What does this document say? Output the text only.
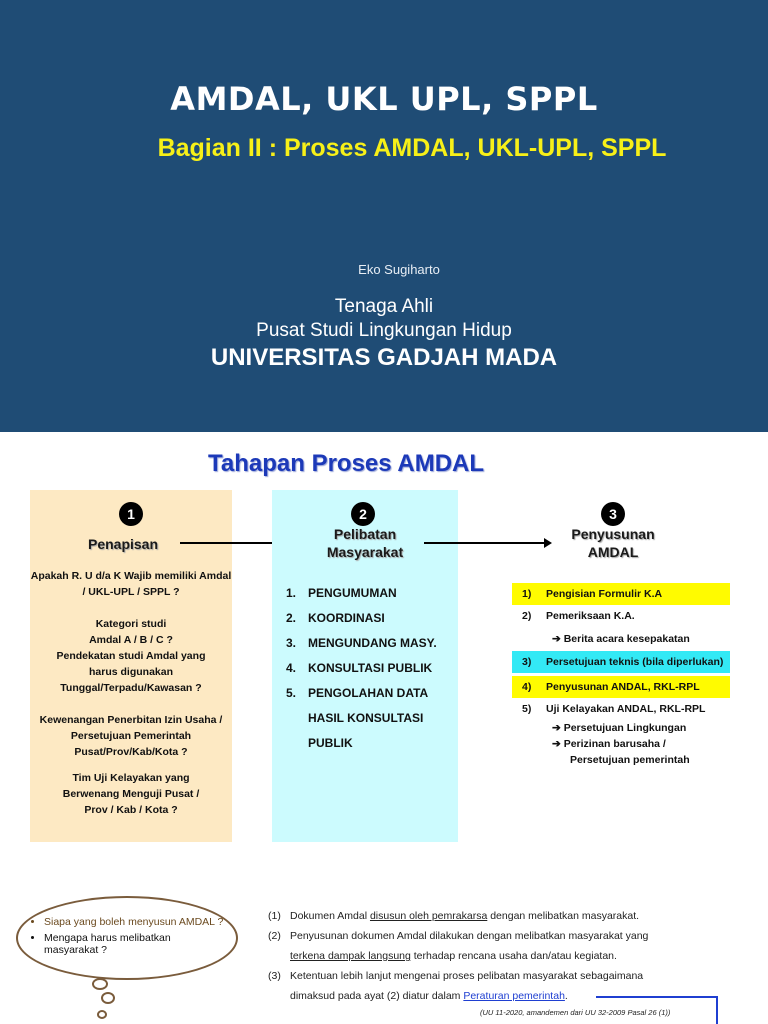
AMDAL, UKL UPL, SPPL
Bagian II : Proses AMDAL, UKL-UPL, SPPL
Eko Sugiharto
Tenaga Ahli
Pusat Studi Lingkungan Hidup
UNIVERSITAS GADJAH MADA
Tahapan Proses AMDAL
1
Penapisan
Apakah R. U d/a K Wajib memiliki Amdal / UKL-UPL / SPPL ?
Kategori studi Amdal A / B / C ?
Pendekatan studi Amdal yang harus digunakan Tunggal/Terpadu/Kawasan ?
Kewenangan Penerbitan Izin Usaha / Persetujuan Pemerintah Pusat/Prov/Kab/Kota ?
Tim Uji Kelayakan yang Berwenang Menguji Pusat / Prov / Kab / Kota ?
2
Pelibatan
Masyarakat
1. PENGUMUMAN
2. KOORDINASI
3. MENGUNDANG MASY.
4. KONSULTASI PUBLIK
5. PENGOLAHAN DATA
HASIL KONSULTASI
PUBLIK
3
Penyusunan
AMDAL
1)	Pengisian Formulir K.A
2)	Pemeriksaan K.A.
➔ Berita acara kesepakatan
3)	Persetujuan teknis (bila diperlukan)
4)	Penyusunan ANDAL, RKL-RPL
5)	Uji Kelayakan ANDAL, RKL-RPL
➔ Persetujuan Lingkungan
➔ Perizinan barusaha /
Persetujuan pemerintah
• Siapa yang boleh menyusun AMDAL ?
• Mengapa harus melibatkan masyarakat ?
(1) Dokumen Amdal disusun oleh pemrakarsa dengan melibatkan masyarakat.
(2) Penyusunan dokumen Amdal dilakukan dengan melibatkan masyarakat yang
terkena dampak langsung terhadap rencana usaha dan/atau kegiatan.
(3) Ketentuan lebih lanjut mengenai proses pelibatan masyarakat sebagaimana
dimaksud pada ayat (2) diatur dalam Peraturan pemerintah.
(UU 11-2020, amandemen dari UU 32-2009 Pasal 26 (1))
